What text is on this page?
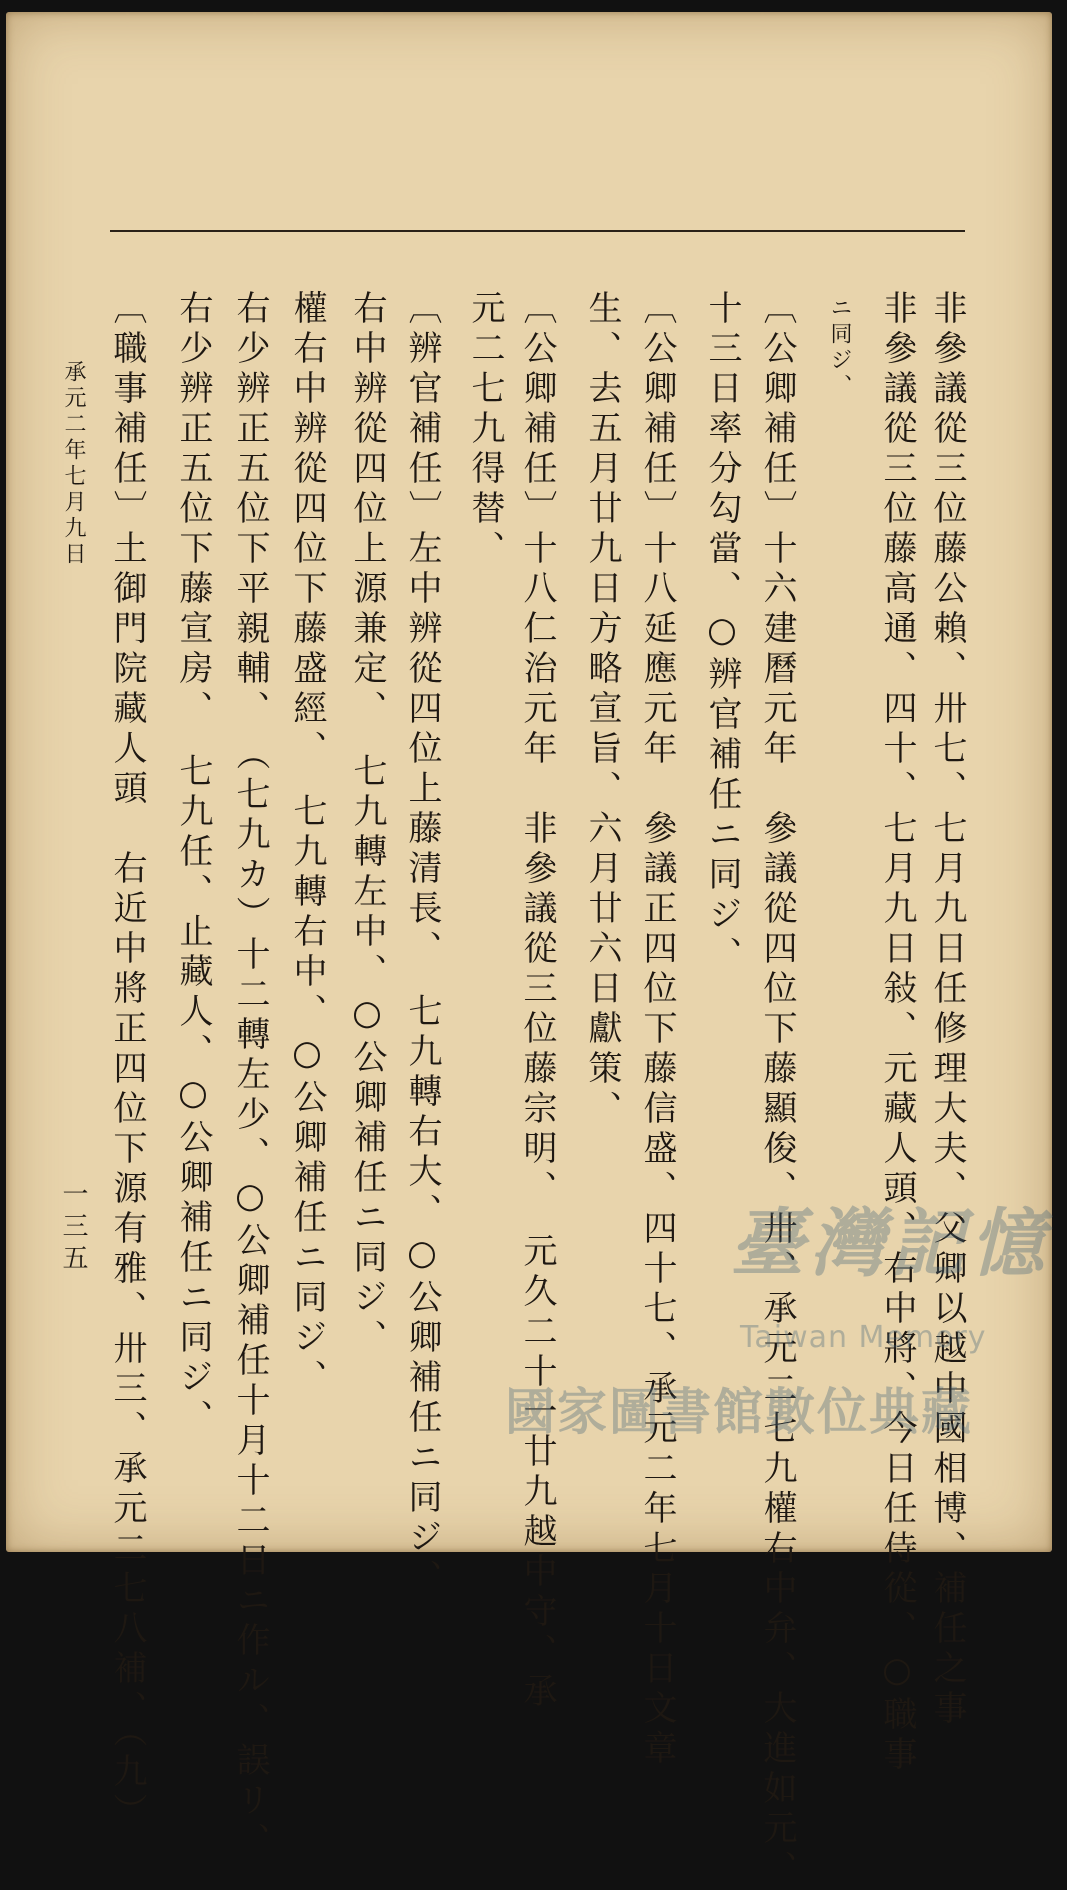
非參議從三位藤公賴、卅七、七月九日任修理大夫、父卿以越中國相博、補任之事
非參議從三位藤高通、四十、七月九日敍、元藏人頭、右中將、今日任侍從、○職事
ニ同ジ、
〔公卿補任〕十六建曆元年　參議從四位下藤顯俊、卅、承元二七九權右中弁、大進如元、
十三日率分勾當、○辨官補任ニ同ジ、
〔公卿補任〕十八延應元年　參議正四位下藤信盛、四十七、承元二年七月十日文章
生、去五月廿九日方略宣旨、六月廿六日獻策、
〔公卿補任〕十八仁治元年　非參議從三位藤宗明、　元久二十一廿九越中守、承
元二七九得替、
〔辨官補任〕左中辨從四位上藤清長、　七九轉右大、○公卿補任ニ同ジ、
右中辨從四位上源兼定、　七九轉左中、○公卿補任ニ同ジ、
權右中辨從四位下藤盛經、　七九轉右中、○公卿補任ニ同ジ、
右少辨正五位下平親輔、　（七九カ）十二轉左少、○公卿補任十月十二日ニ作ル、誤リ、
右少辨正五位下藤宣房、　七九任、止藏人、○公卿補任ニ同ジ、
〔職事補任〕土御門院藏人頭　右近中將正四位下源有雅、卅三、承元二七八補、（九）
承元二年七月九日
一三五	臺灣記憶
Taiwan Memory
國家圖書館數位典藏
